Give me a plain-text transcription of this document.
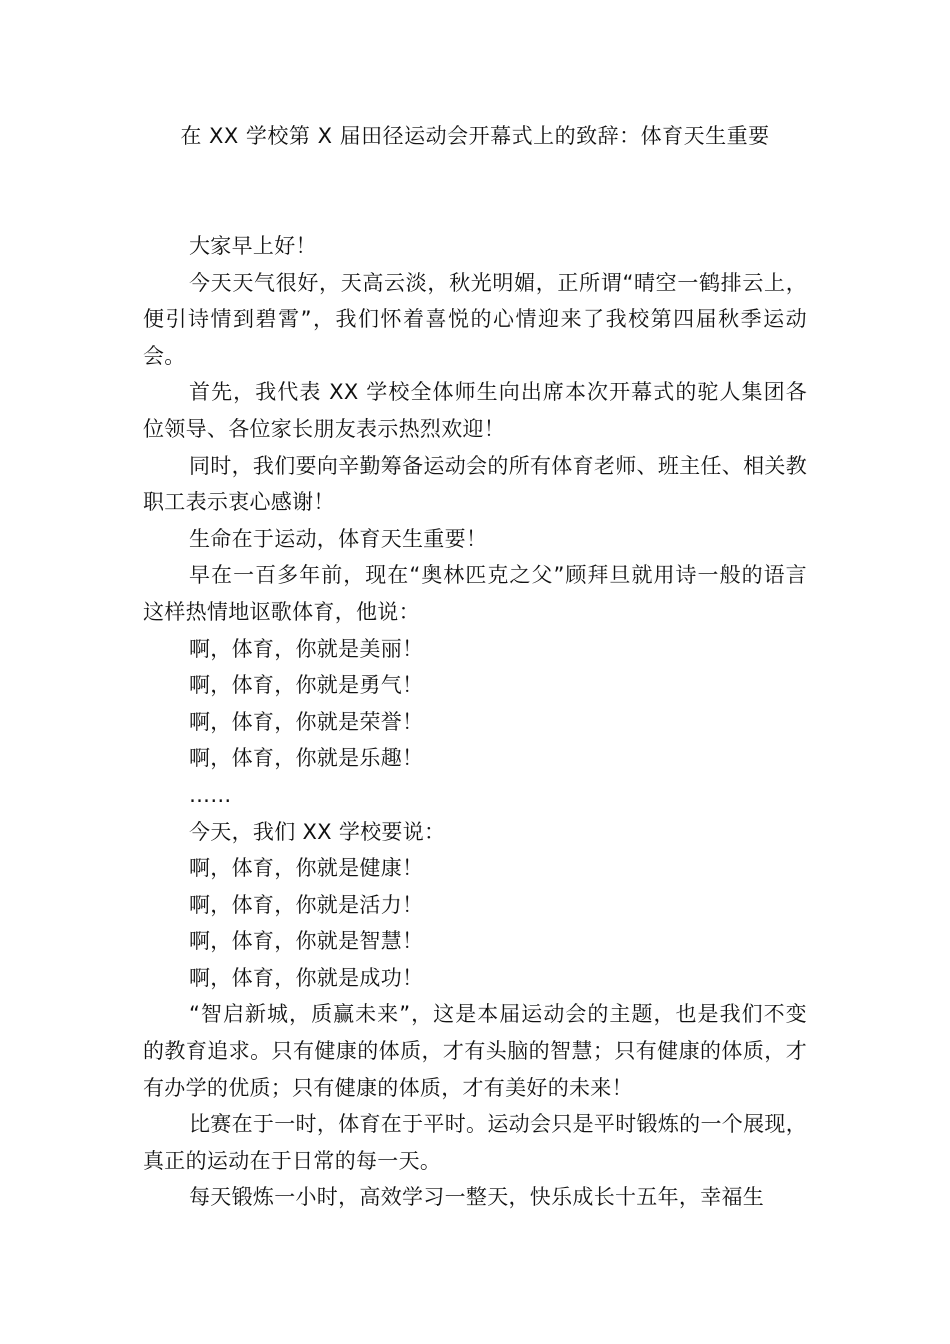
在 XX 学校第 X 届田径运动会开幕式上的致辞：体育天生重要

大家早上好！

今天天气很好，天高云淡，秋光明媚，正所谓“晴空一鹤排云上，便引诗情到碧霄”，我们怀着喜悦的心情迎来了我校第四届秋季运动会。

首先，我代表 XX 学校全体师生向出席本次开幕式的驼人集团各位领导、各位家长朋友表示热烈欢迎！

同时，我们要向辛勤筹备运动会的所有体育老师、班主任、相关教职工表示衷心感谢！

生命在于运动，体育天生重要！

早在一百多年前，现在“奥林匹克之父”顾拜旦就用诗一般的语言这样热情地讴歌体育，他说：

啊，体育，你就是美丽！

啊，体育，你就是勇气！

啊，体育，你就是荣誉！

啊，体育，你就是乐趣！

……

今天，我们 XX 学校要说：

啊，体育，你就是健康！

啊，体育，你就是活力！

啊，体育，你就是智慧！

啊，体育，你就是成功！

“智启新城，质赢未来”，这是本届运动会的主题，也是我们不变的教育追求。只有健康的体质，才有头脑的智慧；只有健康的体质，才有办学的优质；只有健康的体质，才有美好的未来！

比赛在于一时，体育在于平时。运动会只是平时锻炼的一个展现，真正的运动在于日常的每一天。

每天锻炼一小时，高效学习一整天，快乐成长十五年，幸福生
